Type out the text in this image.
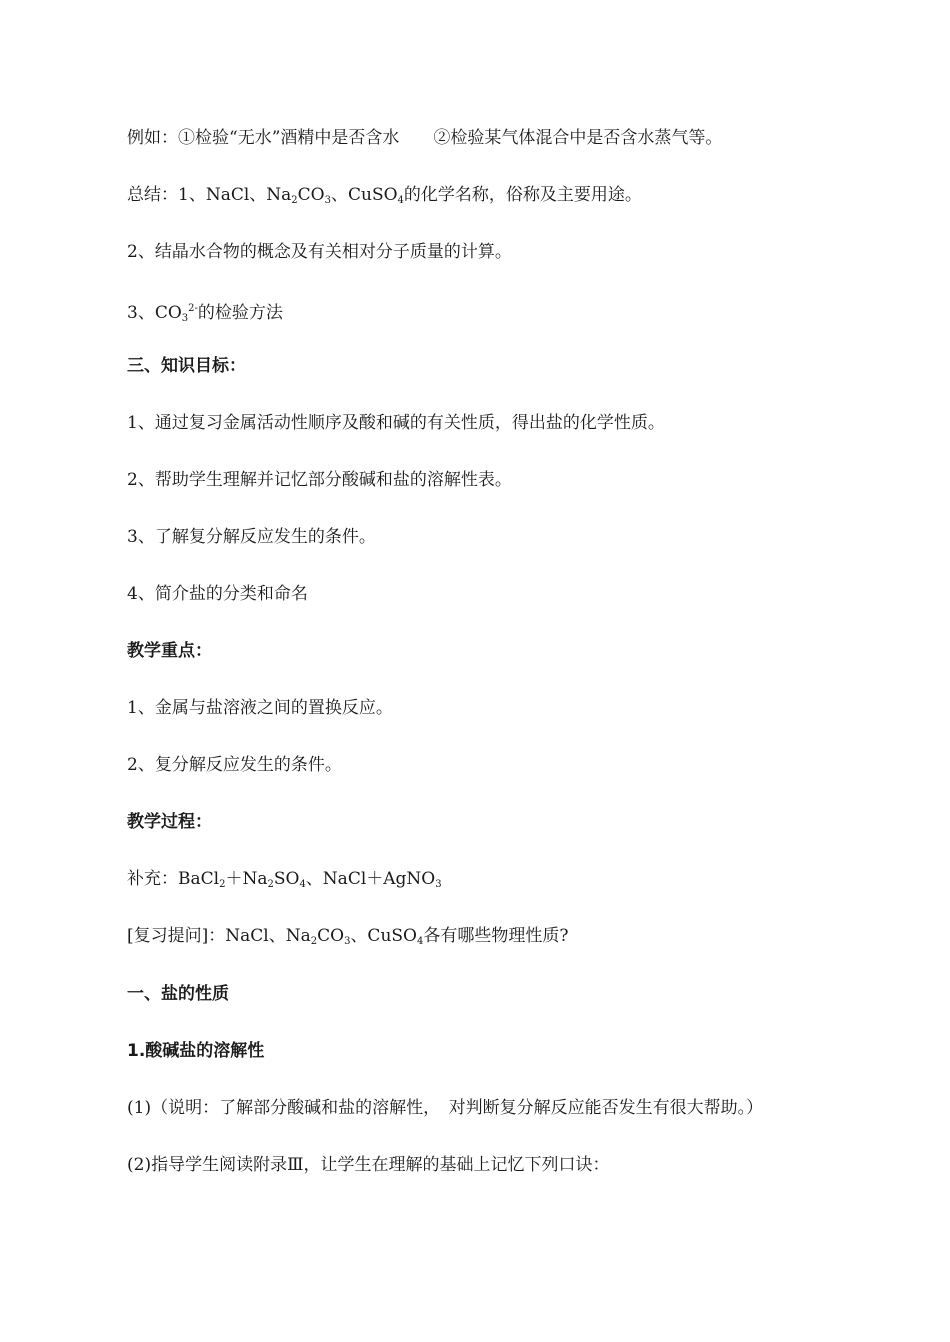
例如：①检验“无水”酒精中是否含水　　②检验某气体混合中是否含水蒸气等。
总结：1、NaCl、$Na_2CO_3$、CuSO$_4$的化学名称，俗称及主要用途。
2、结晶水合物的概念及有关相对分子质量的计算。
3、$CO_3^{2-}$的检验方法
三、知识目标：
1、通过复习金属活动性顺序及酸和碱的有关性质，得出盐的化学性质。
2、帮助学生理解并记忆部分酸碱和盐的溶解性表。
3、了解复分解反应发生的条件。
4、简介盐的分类和命名
教学重点：
1、金属与盐溶液之间的置换反应。
2、复分解反应发生的条件。
教学过程：
补充：$BaCl_2+Na_2SO_4$、NaCl＋AgNO$_3$
[复习提问]：NaCl、$Na_2CO_3$、CuSO$_4$各有哪些物理性质?
一、盐的性质
1.酸碱盐的溶解性
(1)（说明：了解部分酸碱和盐的溶解性，　对判断复分解反应能否发生有很大帮助。）
(2)指导学生阅读附录Ⅲ，让学生在理解的基础上记忆下列口诀：
